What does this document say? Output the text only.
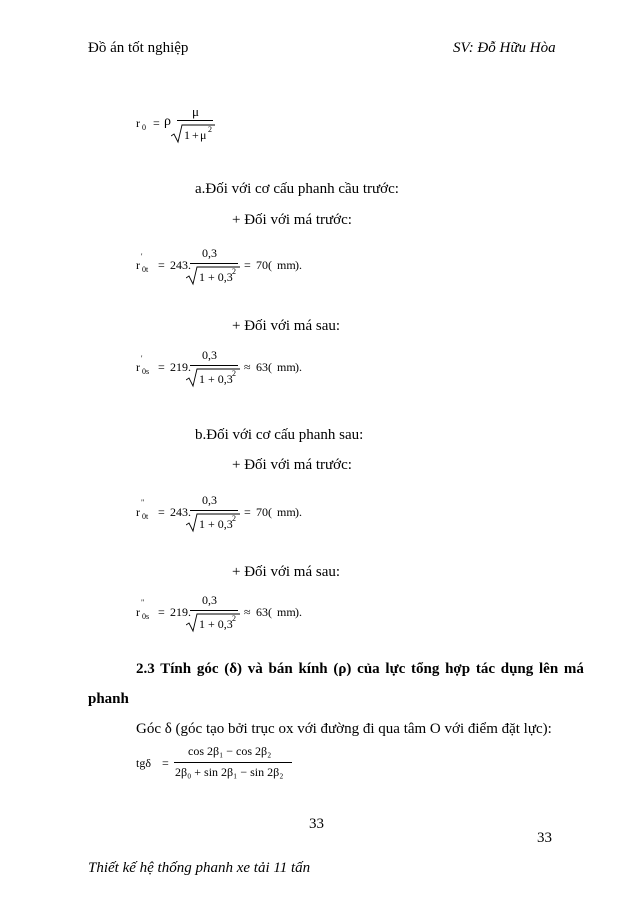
Đồ án tốt nghiệp	SV: Đỗ Hữu Hòa
r 0 = ρ
μ
1 + μ 2
a.Đối với cơ cấu phanh cầu trước:
+ Đối với má trước:
r
'
0t = 243.
0,3
1 + 0,3 2 = 70( mm ).
+ Đối với má sau:
r
'
0s = 219.
0,3
1 + 0,3 2 ≈ 63( mm ).
b.Đối với cơ cấu phanh sau:
+ Đối với má trước:
r
"
0t = 243.
0,3
1 + 0,3 2 = 70( mm ).
+ Đối với má sau:
r
"
0s = 219.
0,3
1 + 0,3 2 ≈ 63( mm ).
2.3 Tính góc (δ) và bán kính (ρ) của lực tổng hợp tác dụng lên má
phanh
Góc δ (góc tạo bởi trục ox với đường đi qua tâm O với điểm đặt lực):
tgδ =
cos 2β₁ − cos 2β₂
2β₀ + sin 2β₁ − sin 2β₂
33
33
Thiết kế hệ thống phanh xe tải 11 tấn
